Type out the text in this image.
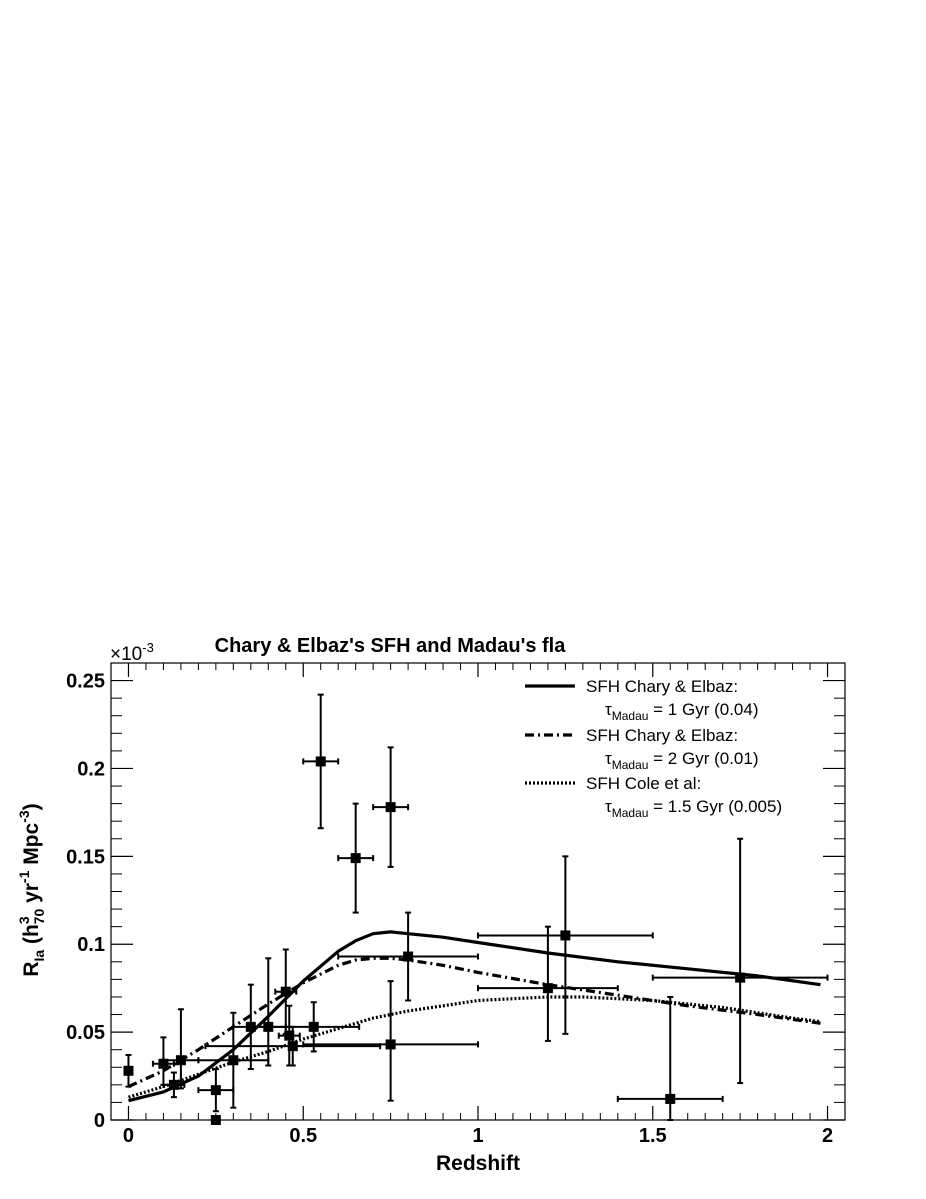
Chary & Elbaz's SFH and Madau's fla
$\times 10^{-3}$
0	0.5	1	1.5	2
0
0.05
0.1
0.15
0.2
0.25	SFH Chary & Elbaz:
$\tau_{Madau} = 1$ Gyr (0.04)
SFH Chary & Elbaz:
$\tau_{Madau} = 2$ Gyr (0.01)
SFH Cole et al:
$\tau_{Madau} = 1.5$ Gyr (0.005)
Redshift
$R_{Ia}$ ($h^370$ $yr^{-1}$ Mpc$^{-3}$)
